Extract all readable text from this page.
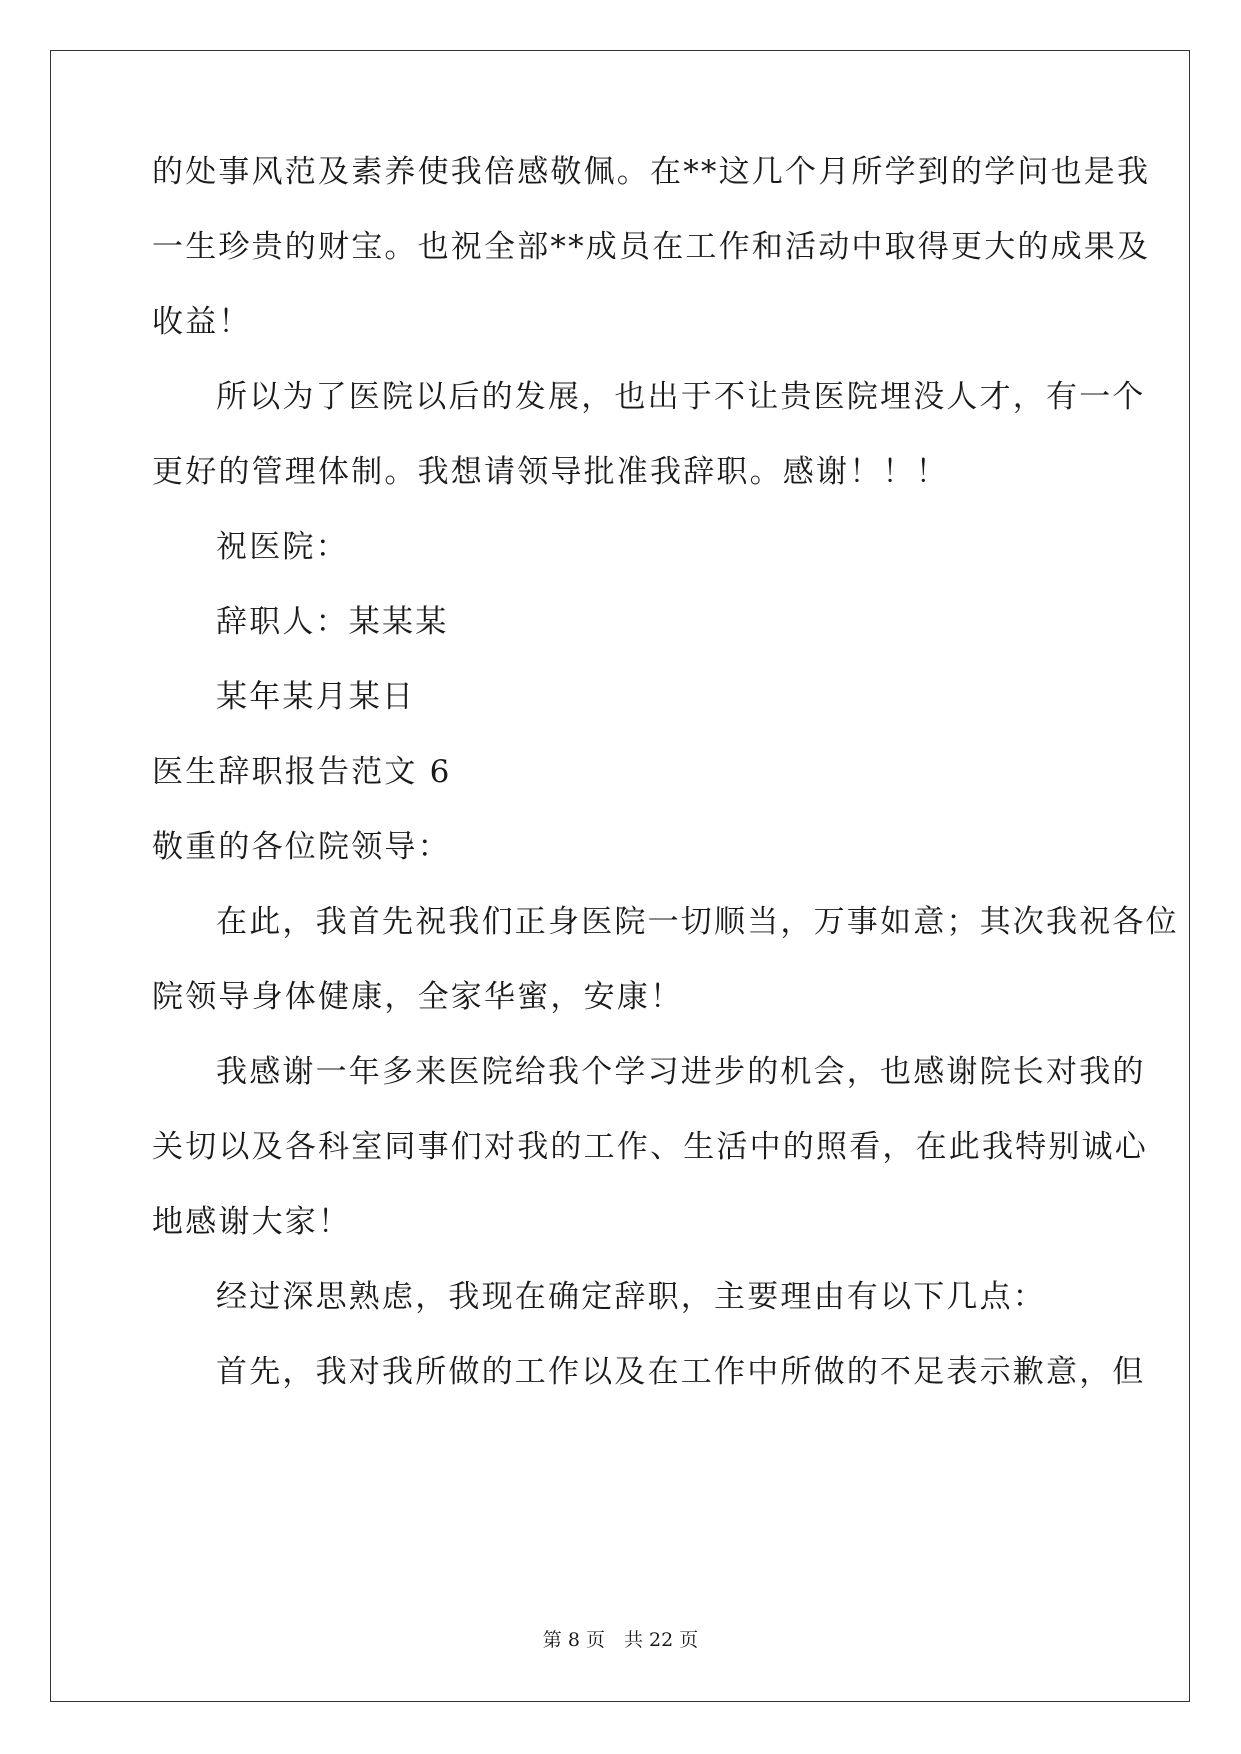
的处事风范及素养使我倍感敬佩。在**这几个月所学到的学问也是我

一生珍贵的财宝。也祝全部**成员在工作和活动中取得更大的成果及

收益！

所以为了医院以后的发展，也出于不让贵医院埋没人才，有一个

更好的管理体制。我想请领导批准我辞职。感谢！！！

祝医院：

辞职人：某某某

某年某月某日

医生辞职报告范文 6

敬重的各位院领导：

在此，我首先祝我们正身医院一切顺当，万事如意；其次我祝各位

院领导身体健康，全家华蜜，安康！

我感谢一年多来医院给我个学习进步的机会，也感谢院长对我的

关切以及各科室同事们对我的工作、生活中的照看，在此我特别诚心

地感谢大家！

经过深思熟虑，我现在确定辞职，主要理由有以下几点：

首先，我对我所做的工作以及在工作中所做的不足表示歉意，但

第 8 页　共 22 页
